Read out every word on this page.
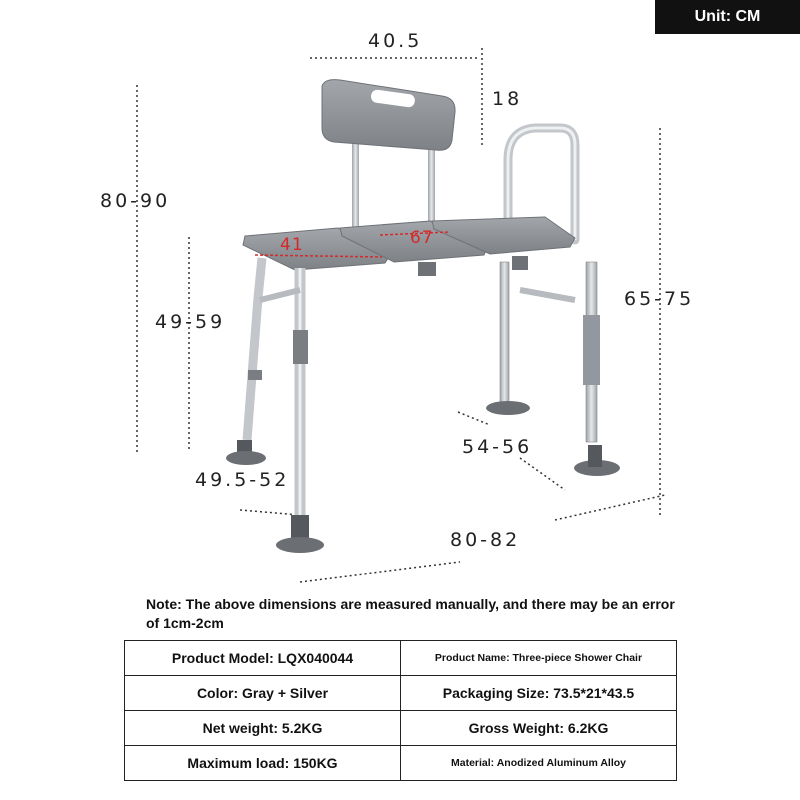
Unit: CM
41	67
40.5
18
80-90
49-59
65-75
49.5-52
54-56
80-82
Note: The above dimensions are measured manually, and there may be an error of 1cm-2cm
Product Model: LQX040044	Product Name: Three-piece Shower Chair
Color: Gray + Silver	Packaging Size: 73.5*21*43.5
Net weight: 5.2KG	Gross Weight: 6.2KG
Maximum load: 150KG	Material: Anodized Aluminum Alloy
